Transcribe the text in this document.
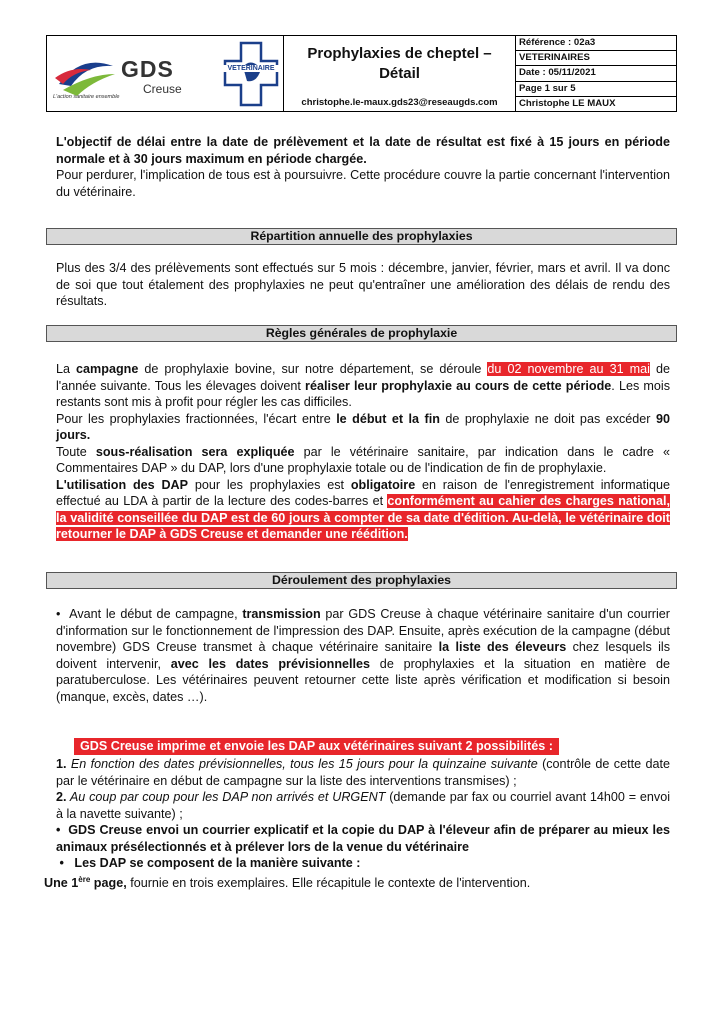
GDS
Creuse
L'action sanitaire ensemble
VETERINAIRE
Prophylaxies de cheptel –
Détail
christophe.le-maux.gds23@reseaugds.com
Référence : 02a3
VETERINAIRES
Date : 05/11/2021
Page 1 sur 5
Christophe LE MAUX

L'objectif de délai entre la date de prélèvement et la date de résultat est fixé à 15 jours en période normale et à 30 jours maximum en période chargée.

Pour perdurer, l'implication de tous est à poursuivre. Cette procédure couvre la partie concernant l'intervention du vétérinaire.

Répartition annuelle des prophylaxies

Plus des 3/4 des prélèvements sont effectués sur 5 mois : décembre, janvier, février, mars et avril. Il va donc de soi que tout étalement des prophylaxies ne peut qu'entraîner une amélioration des délais de rendu des résultats.

Règles générales de prophylaxie

La campagne de prophylaxie bovine, sur notre département, se déroule du 02 novembre au 31 mai de l'année suivante. Tous les élevages doivent réaliser leur prophylaxie au cours de cette période. Les mois restants sont mis à profit pour régler les cas difficiles.

Pour les prophylaxies fractionnées, l'écart entre le début et la fin de prophylaxie ne doit pas excéder 90 jours.

Toute sous-réalisation sera expliquée par le vétérinaire sanitaire, par indication dans le cadre « Commentaires DAP » du DAP, lors d'une prophylaxie totale ou de l'indication de fin de prophylaxie.

L'utilisation des DAP pour les prophylaxies est obligatoire en raison de l'enregistrement informatique effectué au LDA à partir de la lecture des codes-barres et conformément au cahier des charges national, la validité conseillée du DAP est de 60 jours à compter de sa date d'édition. Au-delà, le vétérinaire doit retourner le DAP à GDS Creuse et demander une réédition.

Déroulement des prophylaxies

•  Avant le début de campagne, transmission par GDS Creuse à chaque vétérinaire sanitaire d'un courrier d'information sur le fonctionnement de l'impression des DAP. Ensuite, après exécution de la campagne (début novembre) GDS Creuse transmet à chaque vétérinaire sanitaire la liste des éleveurs chez lesquels ils doivent intervenir, avec les dates prévisionnelles de prophylaxies et la situation en matière de paratuberculose. Les vétérinaires peuvent retourner cette liste après vérification et modification si besoin (manque, excès, dates …).

GDS Creuse imprime et envoie les DAP aux vétérinaires suivant 2 possibilités :

1. En fonction des dates prévisionnelles, tous les 15 jours pour la quinzaine suivante (contrôle de cette date par le vétérinaire en début de campagne sur la liste des interventions transmises) ;

2. Au coup par coup pour les DAP non arrivés et URGENT (demande par fax ou courriel avant 14h00 = envoi à la navette suivante) ;

•  GDS Creuse envoi un courrier explicatif et la copie du DAP à l'éleveur afin de préparer au mieux les animaux présélectionnés et à prélever lors de la venue du vétérinaire

•   Les DAP se composent de la manière suivante :

Une 1ère page, fournie en trois exemplaires. Elle récapitule le contexte de l'intervention.
